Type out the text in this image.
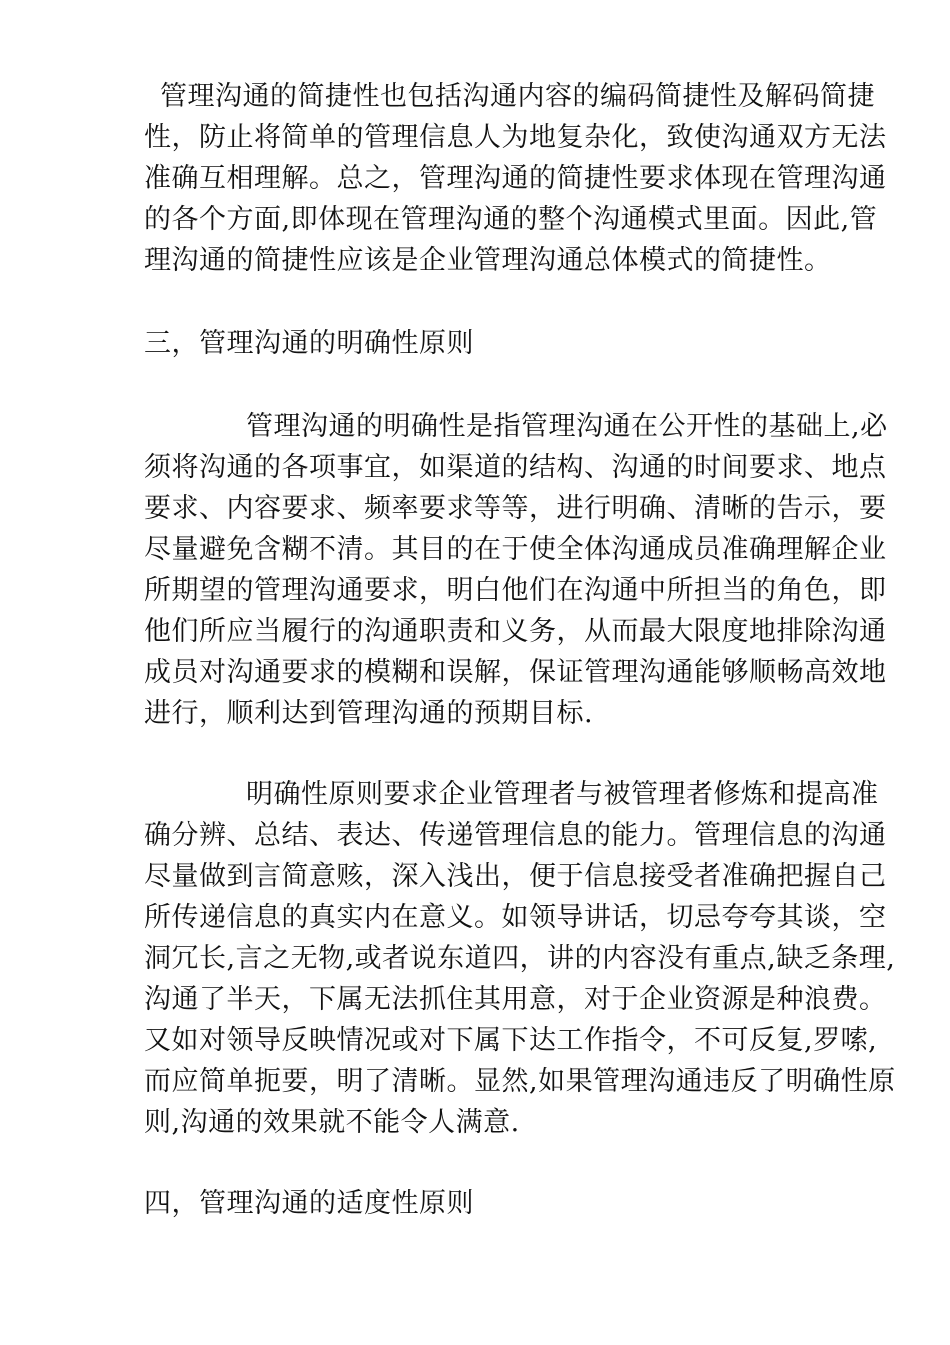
管理沟通的简捷性也包括沟通内容的编码简捷性及解码简捷
性，防止将简单的管理信息人为地复杂化，致使沟通双方无法
准确互相理解。总之，管理沟通的简捷性要求体现在管理沟通
的各个方面,即体现在管理沟通的整个沟通模式里面。因此,管
理沟通的简捷性应该是企业管理沟通总体模式的简捷性。
三，管理沟通的明确性原则
管理沟通的明确性是指管理沟通在公开性的基础上,必
须将沟通的各项事宜，如渠道的结构、沟通的时间要求、地点
要求、内容要求、频率要求等等，进行明确、清晰的告示，要
尽量避免含糊不清。其目的在于使全体沟通成员准确理解企业
所期望的管理沟通要求，明白他们在沟通中所担当的角色，即
他们所应当履行的沟通职责和义务，从而最大限度地排除沟通
成员对沟通要求的模糊和误解，保证管理沟通能够顺畅高效地
进行，顺利达到管理沟通的预期目标.
明确性原则要求企业管理者与被管理者修炼和提高准
确分辨、总结、表达、传递管理信息的能力。管理信息的沟通
尽量做到言简意赅，深入浅出，便于信息接受者准确把握自己
所传递信息的真实内在意义。如领导讲话，切忌夸夸其谈，空
洞冗长,言之无物,或者说东道四，讲的内容没有重点,缺乏条理,
沟通了半天，下属无法抓住其用意，对于企业资源是种浪费。
又如对领导反映情况或对下属下达工作指令，不可反复,罗嗦,
而应简单扼要，明了清晰。显然,如果管理沟通违反了明确性原
则,沟通的效果就不能令人满意.
四，管理沟通的适度性原则
